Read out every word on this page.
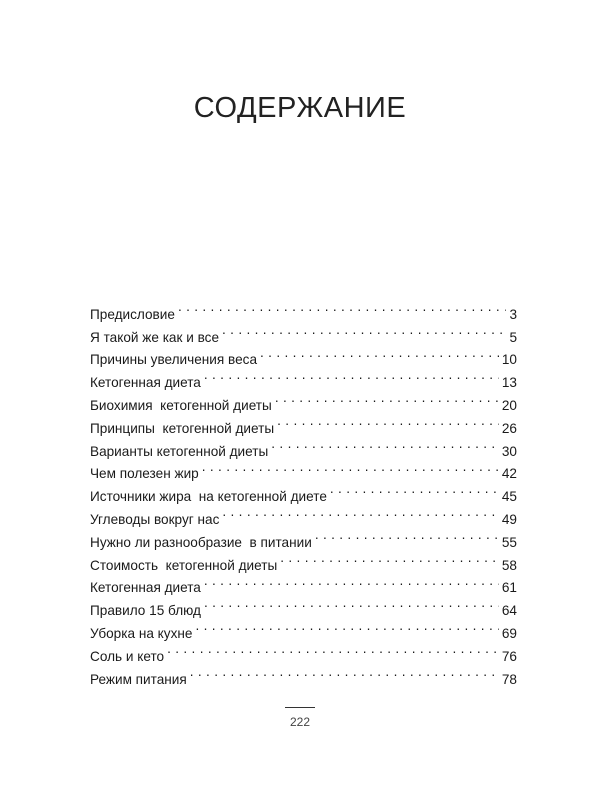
СОДЕРЖАНИЕ
Предисловие . . .	3
Я такой же как и все . . .	5
Причины увеличения веса . . .	10
Кетогенная диета . . .	13
Биохимия  кетогенной диеты . . .	20
Принципы  кетогенной диеты . . .	26
Варианты кетогенной диеты . . .	30
Чем полезен жир . . .	42
Источники жира  на кетогенной диете . . .	45
Углеводы вокруг нас . . .	49
Нужно ли разнообразие  в питании . . .	55
Стоимость  кетогенной диеты . . .	58
Кетогенная диета . . .	61
Правило 15 блюд . . .	64
Уборка на кухне . . .	69
Соль и кето . . .	76
Режим питания . . .	78
222
